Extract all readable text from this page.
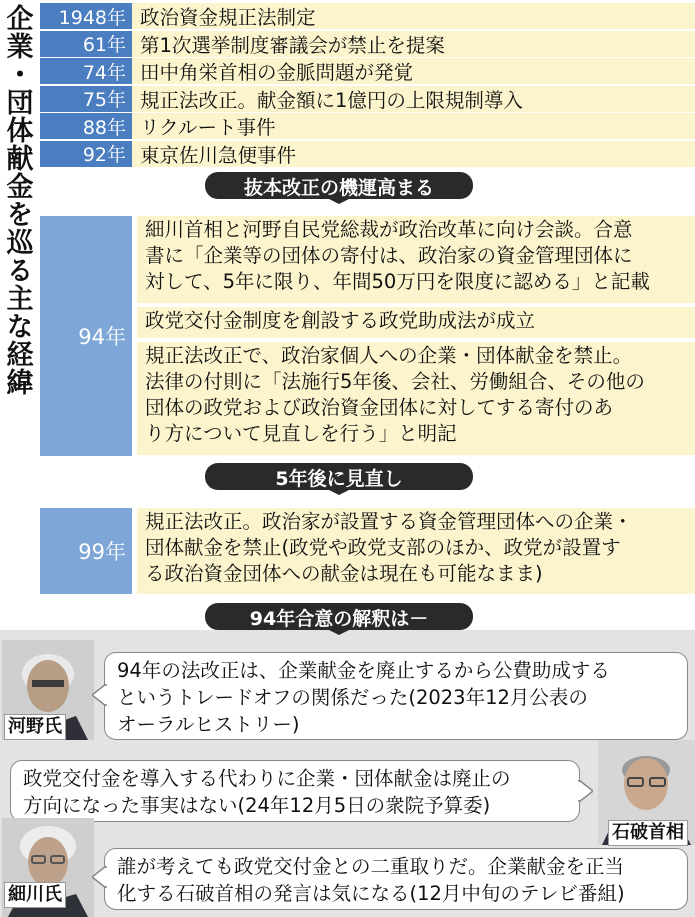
企業・団体献金を巡る主な経緯	1948年 政治資金規正法制定
61年 第1次選挙制度審議会が禁止を提案
74年 田中角栄首相の金脈問題が発覚
75年 規正法改正。献金額に1億円の上限規制導入
88年 リクルート事件
92年 東京佐川急便事件
抜本改正の機運高まる
94年
細川首相と河野自民党総裁が政治改革に向け会談。合意
書に「企業等の団体の寄付は、政治家の資金管理団体に
対して、5年に限り、年間50万円を限度に認める」と記載
政党交付金制度を創設する政党助成法が成立
規正法改正で、政治家個人への企業・団体献金を禁止。
法律の付則に「法施行5年後、会社、労働組合、その他の
団体の政党および政治資金団体に対してする寄付のあ
り方について見直しを行う」と明記
5年後に見直し
99年
規正法改正。政治家が設置する資金管理団体への企業・
団体献金を禁止(政党や政党支部のほか、政党が設置す
る政治資金団体への献金は現在も可能なまま)
94年合意の解釈は－
河野氏
94年の法改正は、企業献金を廃止するから公費助成する
というトレードオフの関係だった(2023年12月公表の
オーラルヒストリー)
政党交付金を導入する代わりに企業・団体献金は廃止の
方向になった事実はない(24年12月5日の衆院予算委)
石破首相
細川氏
誰が考えても政党交付金との二重取りだ。企業献金を正当
化する石破首相の発言は気になる(12月中旬のテレビ番組)
